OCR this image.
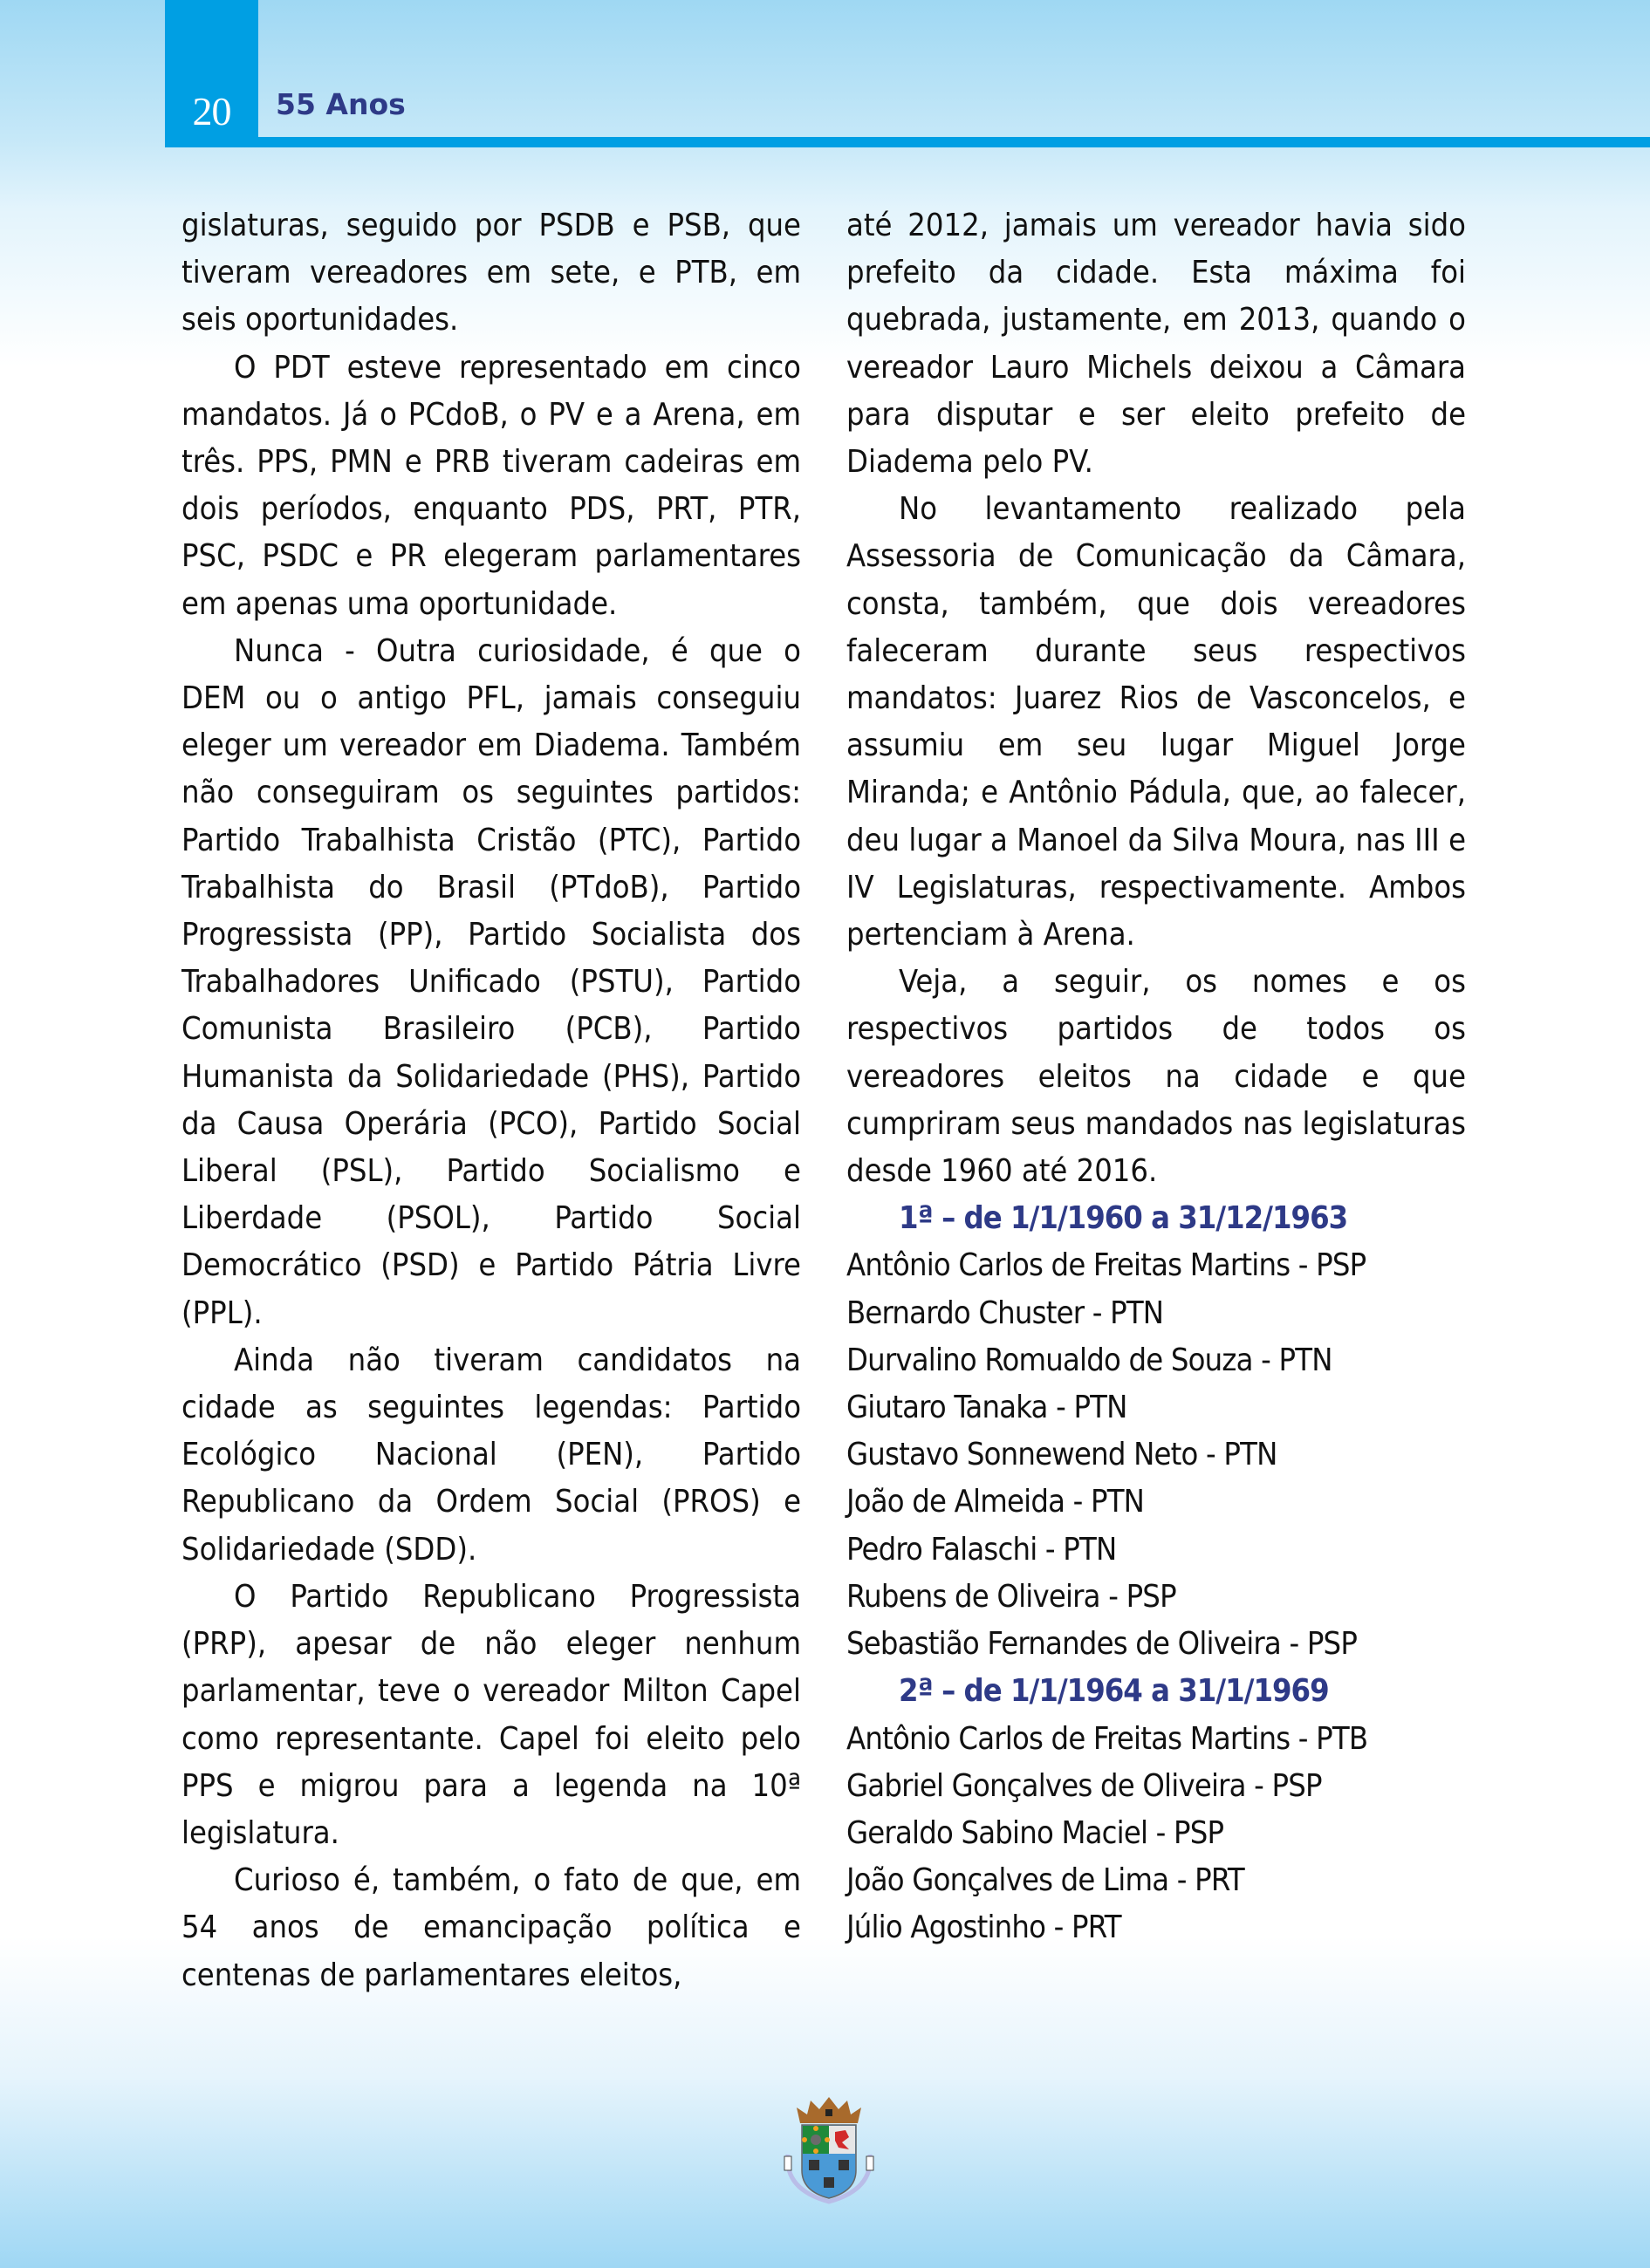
20	55 Anos

gislaturas, seguido por PSDB e PSB, que tiveram vereadores em sete, e PTB, em seis oportunidades.

O PDT esteve representado em cinco mandatos. Já o PCdoB, o PV e a Arena, em três. PPS, PMN e PRB tiveram cadeiras em dois períodos, enquanto PDS, PRT, PTR, PSC, PSDC e PR elegeram parlamentares em apenas uma oportunidade.

Nunca - Outra curiosidade, é que o DEM ou o antigo PFL, jamais conseguiu eleger um vereador em Diadema. Também não conseguiram os seguintes partidos: Partido Trabalhista Cristão (PTC), Partido Trabalhista do Brasil (PTdoB), Partido Progressista (PP), Partido Socialista dos Trabalhadores Unificado (PSTU), Partido Comunista Brasileiro (PCB), Partido Humanista da Solidariedade (PHS), Partido da Causa Operária (PCO), Partido Social Liberal (PSL), Partido Socialismo e Liberdade (PSOL), Partido Social Democrático (PSD) e Partido Pátria Livre (PPL).

Ainda não tiveram candidatos na cidade as seguintes legendas: Partido Ecológico Nacional (PEN), Partido Republicano da Ordem Social (PROS) e Solidariedade (SDD).

O Partido Republicano Progressista (PRP), apesar de não eleger nenhum parlamentar, teve o vereador Milton Capel como representante. Capel foi eleito pelo PPS e migrou para a legenda na 10ª legislatura.

Curioso é, também, o fato de que, em 54 anos de emancipação política e centenas de parlamentares eleitos,

até 2012, jamais um vereador havia sido prefeito da cidade. Esta máxima foi quebrada, justamente, em 2013, quando o vereador Lauro Michels deixou a Câmara para disputar e ser eleito prefeito de Diadema pelo PV.

No levantamento realizado pela Assessoria de Comunicação da Câmara, consta, também, que dois vereadores faleceram durante seus respectivos mandatos: Juarez Rios de Vasconcelos, e assumiu em seu lugar Miguel Jorge Miranda; e Antônio Pádula, que, ao falecer, deu lugar a Manoel da Silva Moura, nas III e IV Legislaturas, respectivamente. Ambos pertenciam à Arena.

Veja, a seguir, os nomes e os respectivos partidos de todos os vereadores eleitos na cidade e que cumpriram seus mandados nas legislaturas desde 1960 até 2016.

1ª – de 1/1/1960 a 31/12/1963

Antônio Carlos de Freitas Martins - PSP
Bernardo Chuster - PTN
Durvalino Romualdo de Souza - PTN
Giutaro Tanaka - PTN
Gustavo Sonnewend Neto - PTN
João de Almeida - PTN
Pedro Falaschi - PTN
Rubens de Oliveira - PSP
Sebastião Fernandes de Oliveira - PSP

2ª – de 1/1/1964 a 31/1/1969

Antônio Carlos de Freitas Martins - PTB
Gabriel Gonçalves de Oliveira - PSP
Geraldo Sabino Maciel - PSP
João Gonçalves de Lima - PRT
Júlio Agostinho - PRT
